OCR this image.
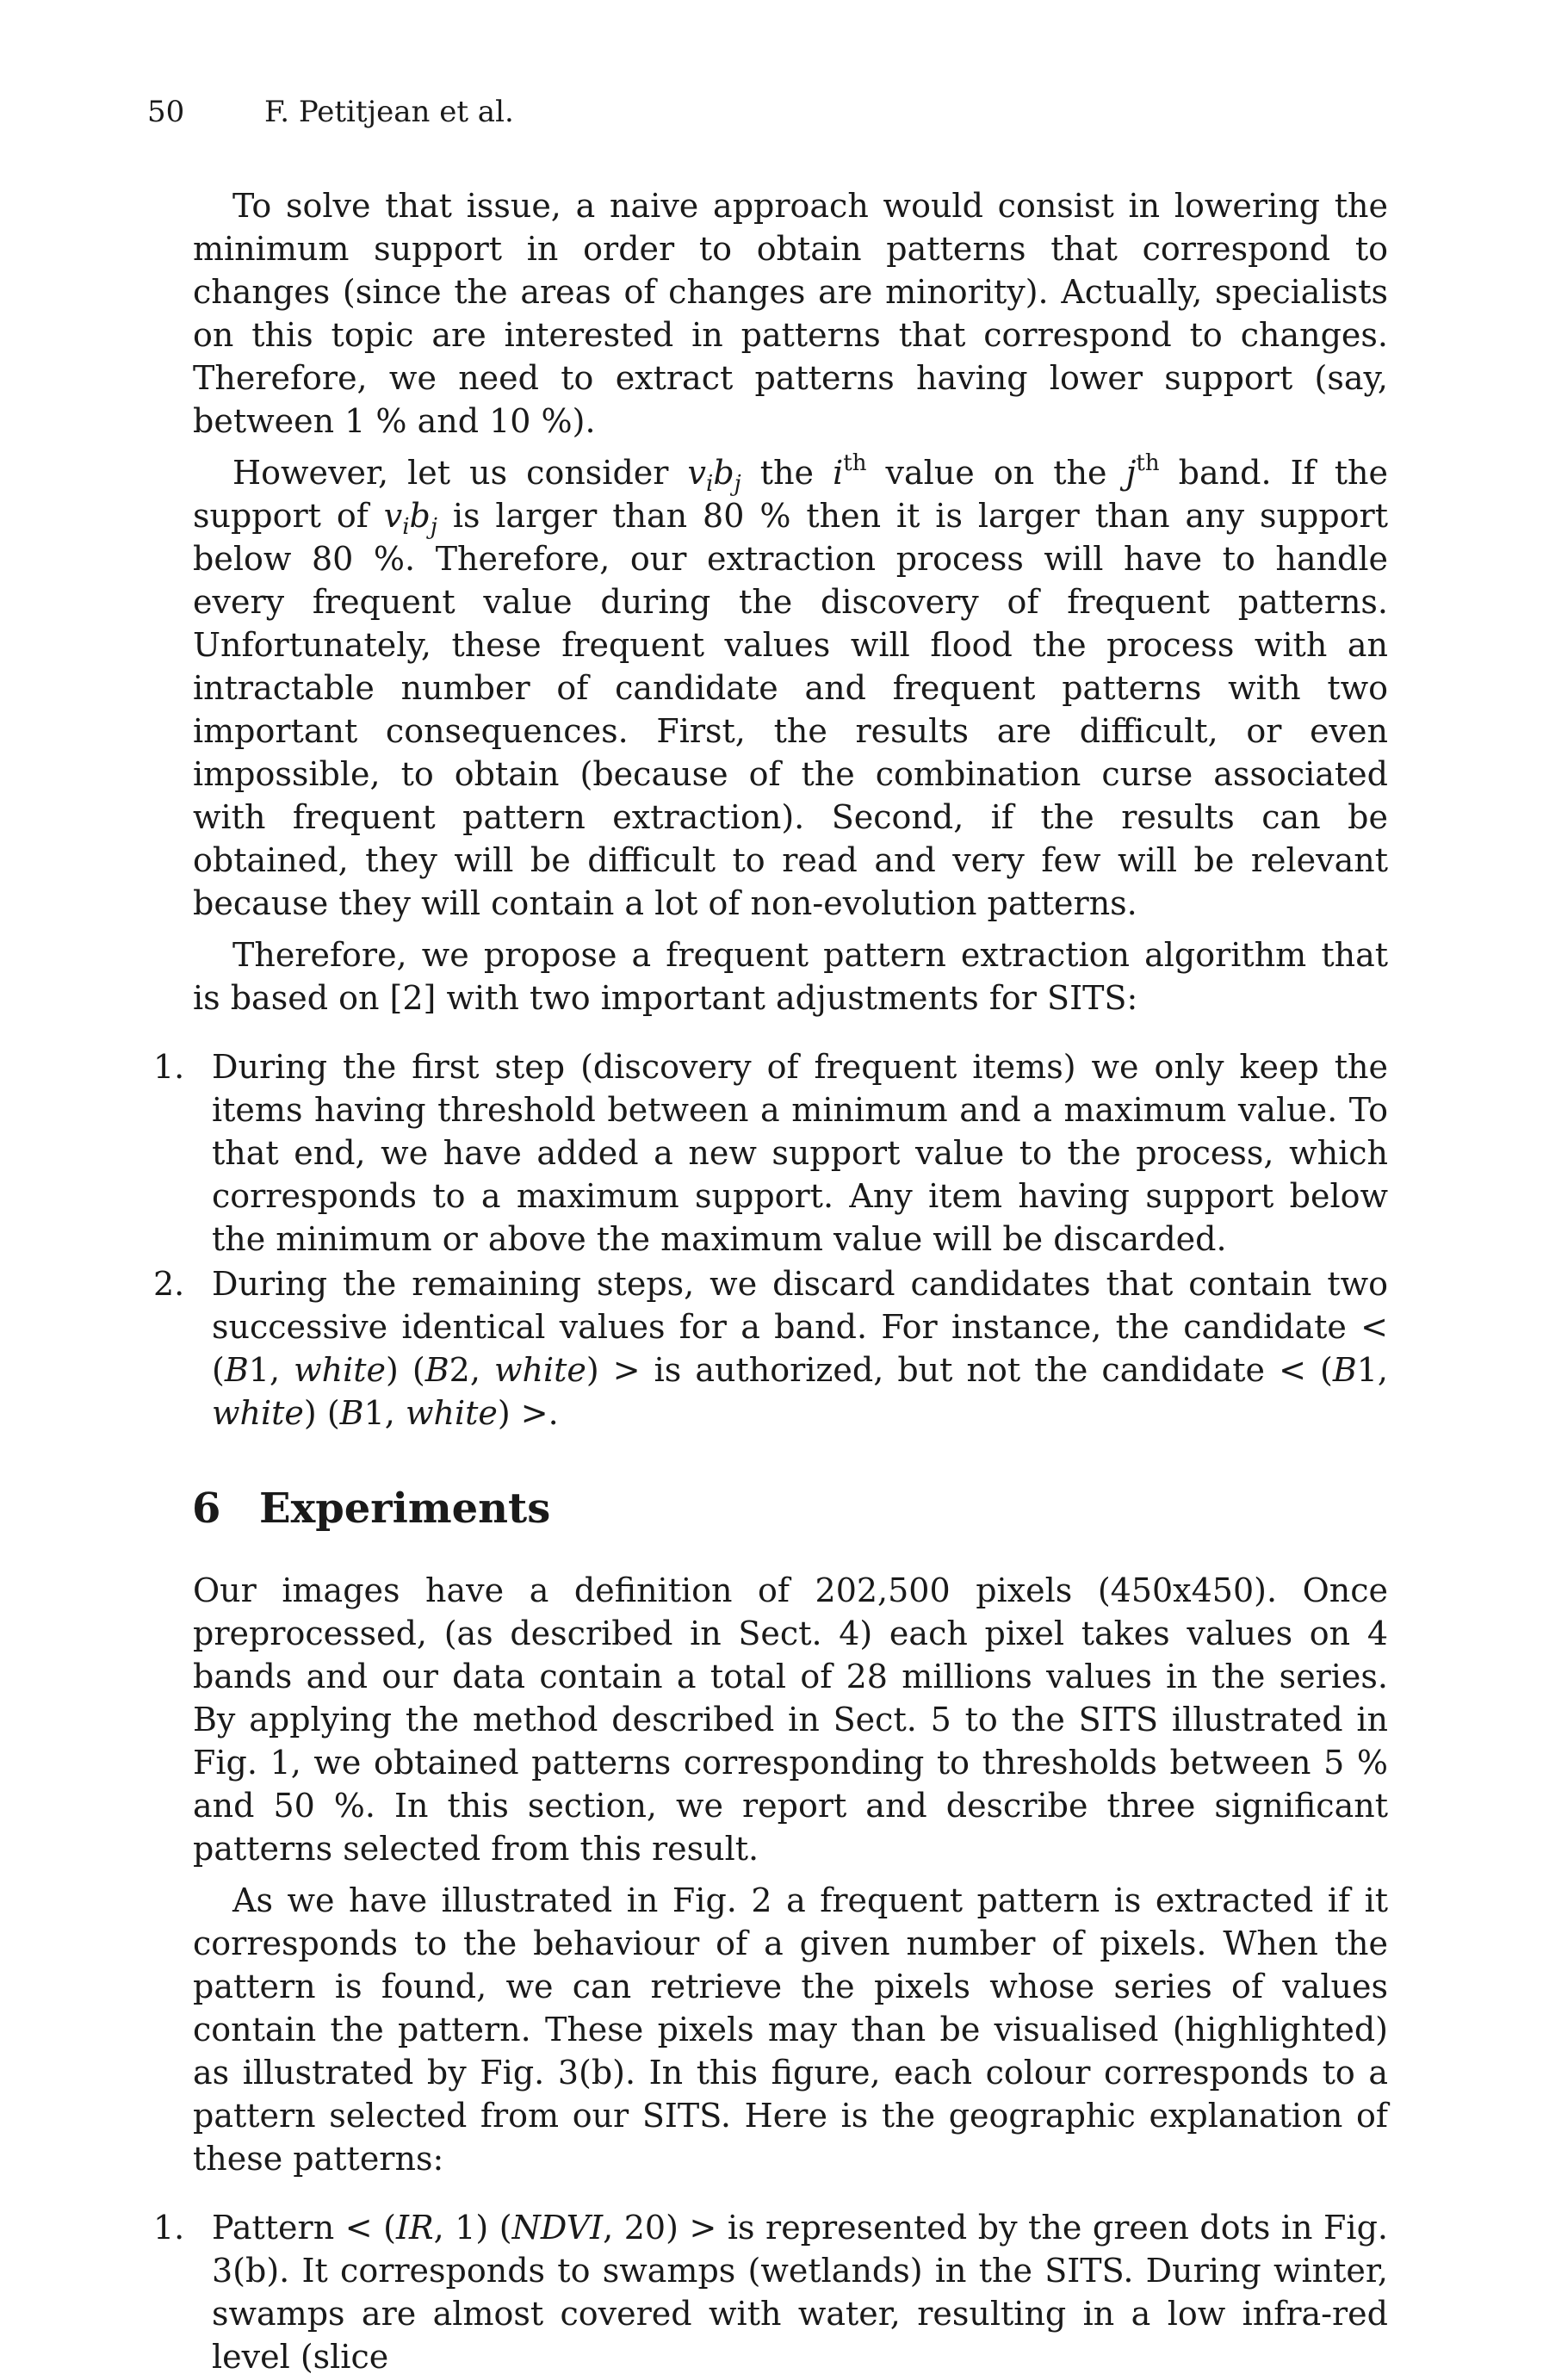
50	F. Petitjean et al.

To solve that issue, a naive approach would consist in lowering the minimum support in order to obtain patterns that correspond to changes (since the areas of changes are minority). Actually, specialists on this topic are interested in patterns that correspond to changes. Therefore, we need to extract patterns having lower support (say, between 1 % and 10 %).

However, let us consider $v_ib_j$ the $i^{th}$ value on the $j^{th}$ band. If the support of $v_ib_j$ is larger than 80 % then it is larger than any support below 80 %. Therefore, our extraction process will have to handle every frequent value during the discovery of frequent patterns. Unfortunately, these frequent values will flood the process with an intractable number of candidate and frequent patterns with two important consequences. First, the results are difficult, or even impossible, to obtain (because of the combination curse associated with frequent pattern extraction). Second, if the results can be obtained, they will be difficult to read and very few will be relevant because they will contain a lot of non-evolution patterns.

Therefore, we propose a frequent pattern extraction algorithm that is based on [2] with two important adjustments for SITS:

1. During the first step (discovery of frequent items) we only keep the items having threshold between a minimum and a maximum value. To that end, we have added a new support value to the process, which corresponds to a maximum support. Any item having support below the minimum or above the maximum value will be discarded.
2. During the remaining steps, we discard candidates that contain two successive identical values for a band. For instance, the candidate < (B1, white) (B2, white) > is authorized, but not the candidate < (B1, white) (B1, white) >.
6 Experiments

Our images have a definition of 202,500 pixels (450x450). Once preprocessed, (as described in Sect. 4) each pixel takes values on 4 bands and our data contain a total of 28 millions values in the series. By applying the method described in Sect. 5 to the SITS illustrated in Fig. 1, we obtained patterns corresponding to thresholds between 5 % and 50 %. In this section, we report and describe three significant patterns selected from this result.

As we have illustrated in Fig. 2 a frequent pattern is extracted if it corresponds to the behaviour of a given number of pixels. When the pattern is found, we can retrieve the pixels whose series of values contain the pattern. These pixels may than be visualised (highlighted) as illustrated by Fig. 3(b). In this figure, each colour corresponds to a pattern selected from our SITS. Here is the geographic explanation of these patterns:

1. Pattern < (IR, 1) (NDVI, 20) > is represented by the green dots in Fig. 3(b). It corresponds to swamps (wetlands) in the SITS. During winter, swamps are almost covered with water, resulting in a low infra-red level (slice
